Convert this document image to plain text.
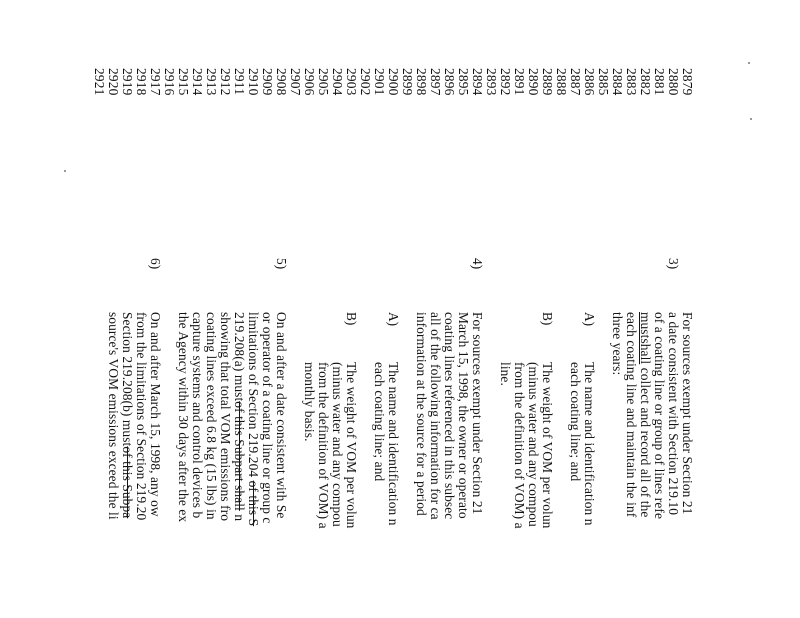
2879
2880
2881
2882
2883
2884
2885
2886
2887
2888
2889
2890
2891
2892
2893
2894
2895
2896
2897
2898
2899
2900
2901
2902
2903
2904
2905
2906
2907
2908
2909
2910
2911
2912
2913
2914
2915
2916
2917
2918
2919
2920
2921
3)
For sources exempt under Section 21
a date consistent with Section 219.10
of a coating line or group of lines refe
mustshall collect and record all of the
each coating line and maintain the inf
three years:
A)
The name and identification n
each coating line; and
B)
The weight of VOM per volun
(minus water and any compou
from the definition of VOM) a
line.
4)
For sources exempt under Section 21
March 15, 1998, the owner or operato
coating lines referenced in this subsec
all of the following information for ca
information at the source for a period
A)
The name and identification n
each coating line; and
B)
The weight of VOM per volun
(minus water and any compou
from the definition of VOM) a
monthly basis.
5)
On and after a date consistent with Se
or operator of a coating line or group c
limitations of Section 219.204 of this S
219.208(a) mustof this Subpart shall n
showing that total VOM emissions fro
coating lines exceed 6.8 kg (15 lbs) in
capture systems and control devices b
the Agency within 30 days after the ex
6)
On and after March 15, 1998, any ow
from the limitations of Section 219.20
Section 219.208(b) mustof this Subpa
source's VOM emissions exceed the li
